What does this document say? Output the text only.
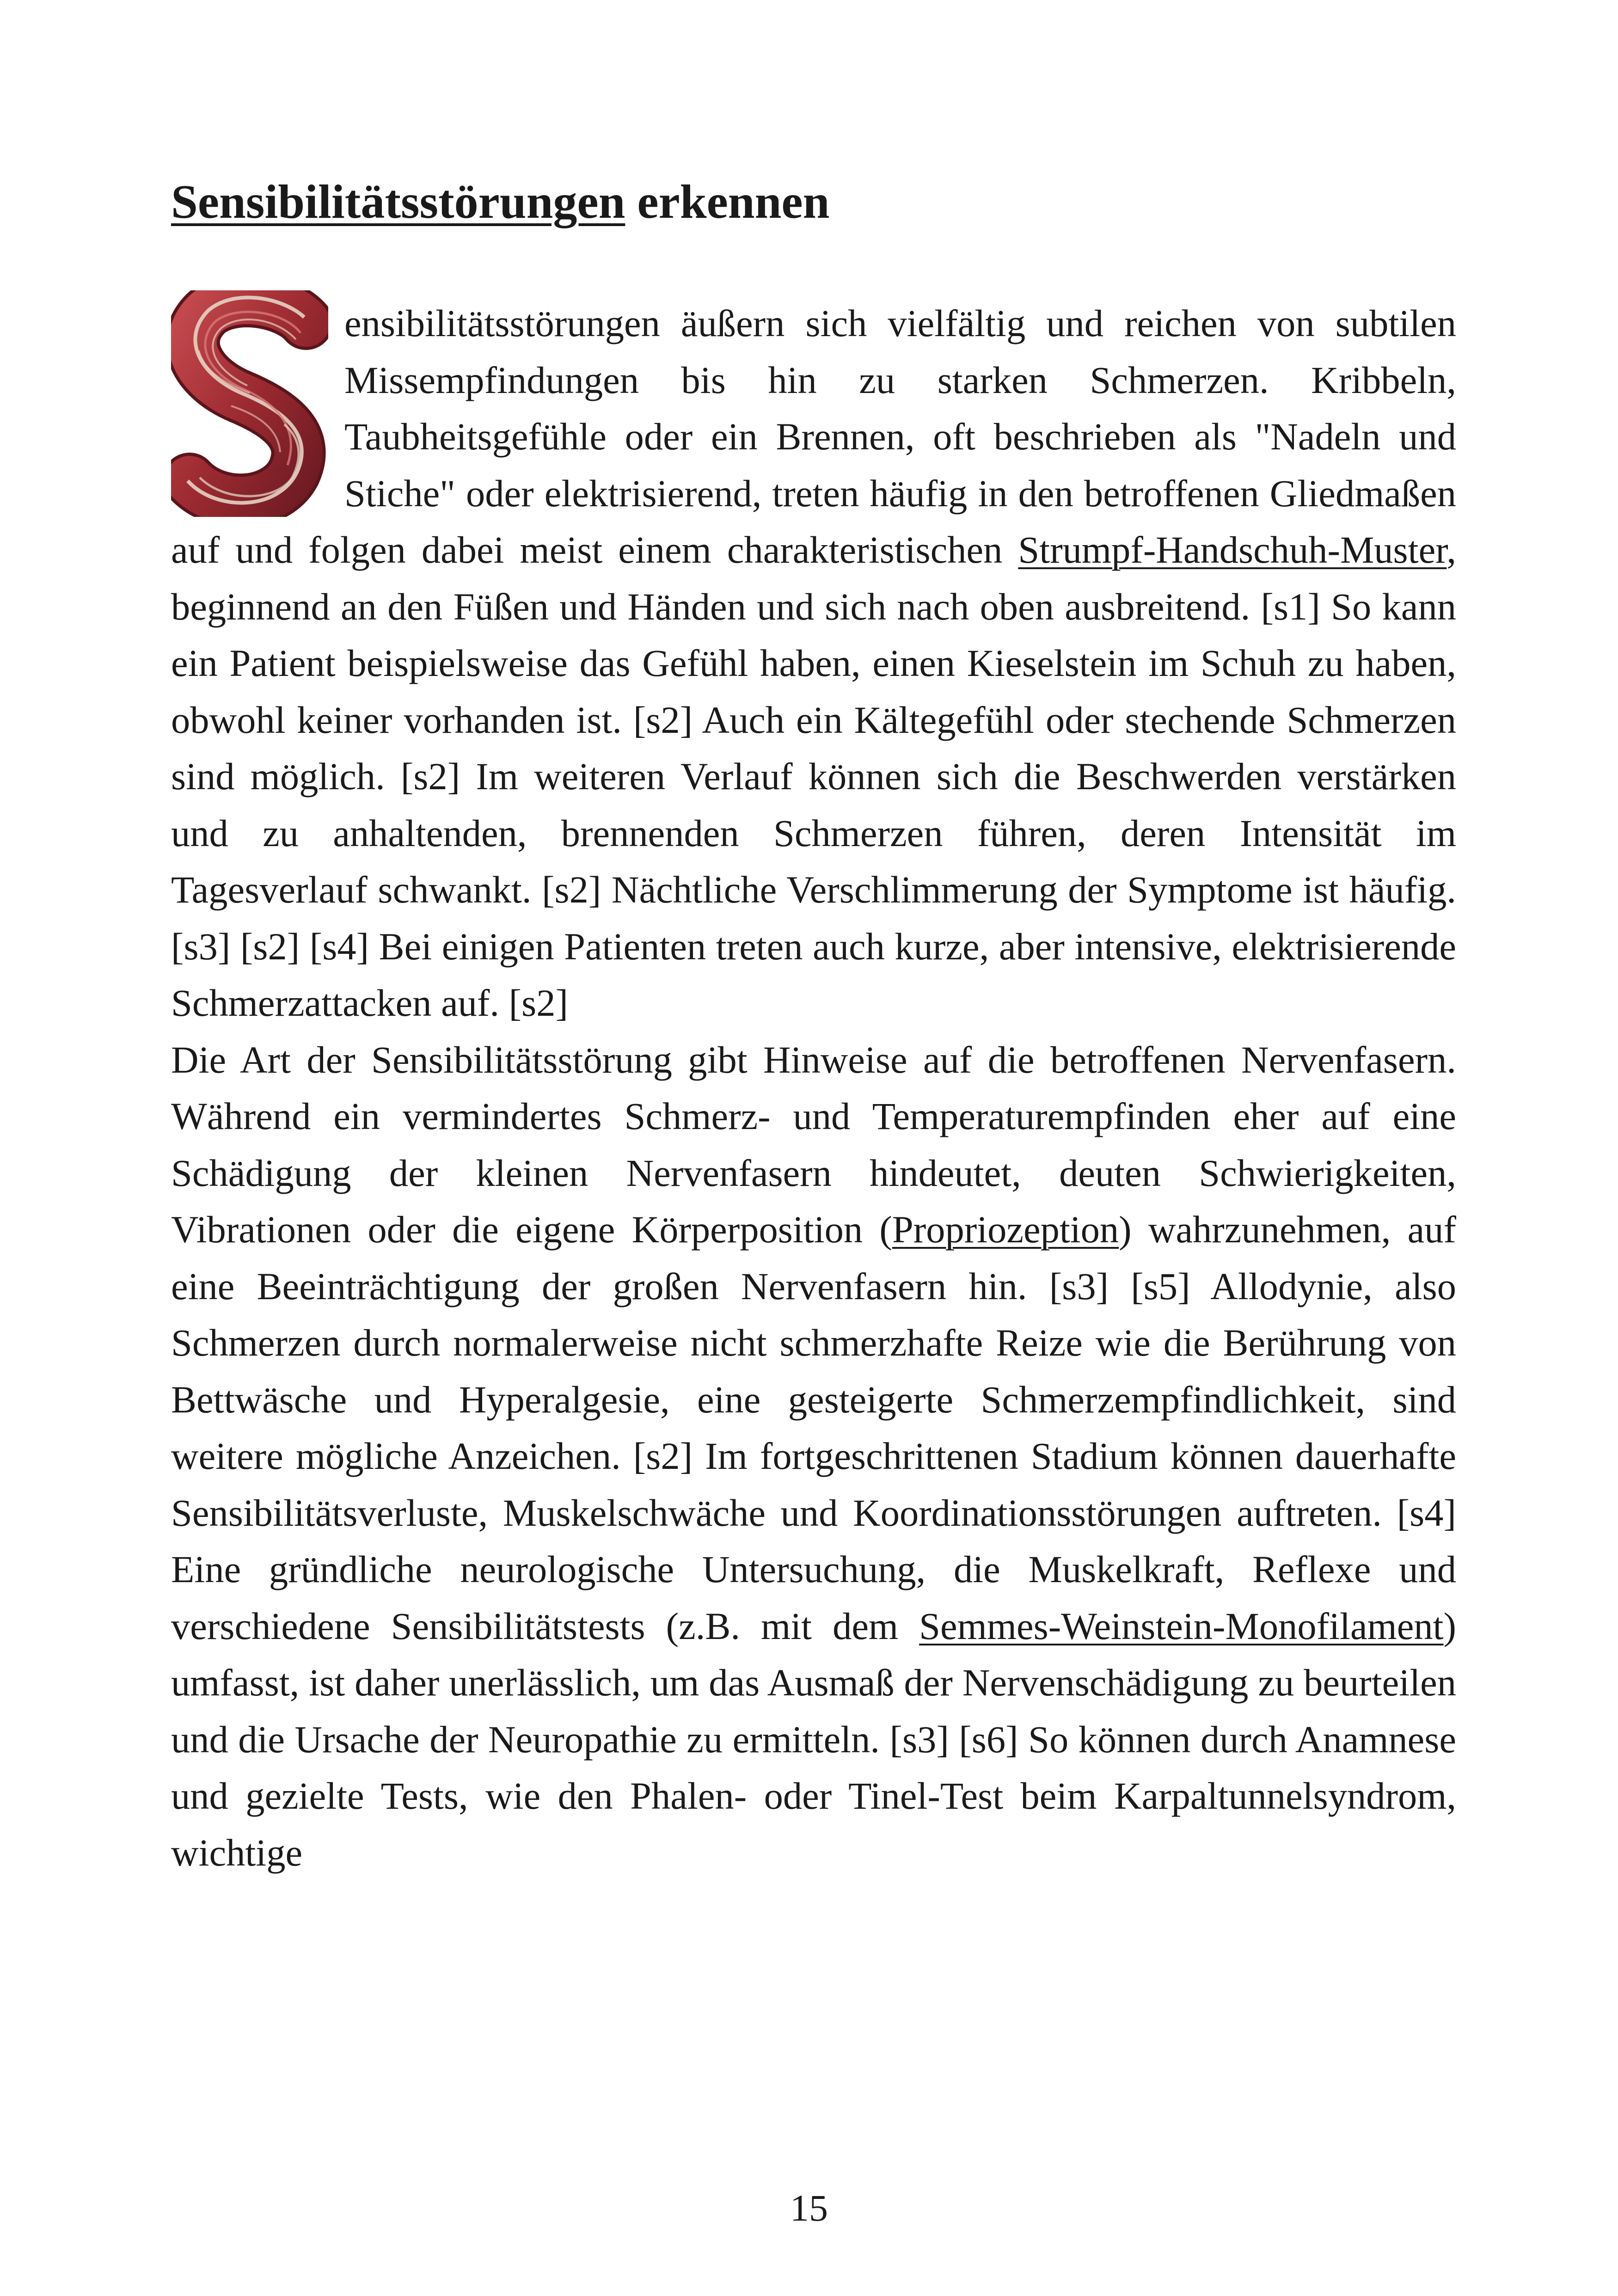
Sensibilitätsstörungen erkennen

ensibilitätsstörungen äußern sich vielfältig und reichen von subtilen Missempfindungen bis hin zu starken Schmerzen. Kribbeln, Taubheitsgefühle oder ein Brennen, oft beschrieben als "Nadeln und Stiche" oder elektrisierend, treten häufig in den betroffenen Gliedmaßen auf und folgen dabei meist einem charakteristischen Strumpf-Handschuh-Muster, beginnend an den Füßen und Händen und sich nach oben ausbreitend. [s1] So kann ein Patient beispielsweise das Gefühl haben, einen Kieselstein im Schuh zu haben, obwohl keiner vorhanden ist. [s2] Auch ein Kältegefühl oder stechende Schmerzen sind möglich. [s2] Im weiteren Verlauf können sich die Beschwerden verstärken und zu anhaltenden, brennenden Schmerzen führen, deren Intensität im Tagesverlauf schwankt. [s2] Nächtliche Verschlimmerung der Symptome ist häufig. [s3] [s2] [s4] Bei einigen Patienten treten auch kurze, aber intensive, elektrisierende Schmerzattacken auf. [s2]

Die Art der Sensibilitätsstörung gibt Hinweise auf die betroffenen Nervenfasern. Während ein vermindertes Schmerz- und Temperaturempfinden eher auf eine Schädigung der kleinen Nervenfasern hindeutet, deuten Schwierigkeiten, Vibrationen oder die eigene Körperposition (Propriozeption) wahrzunehmen, auf eine Beeinträchtigung der großen Nervenfasern hin. [s3] [s5] Allodynie, also Schmerzen durch normalerweise nicht schmerzhafte Reize wie die Berührung von Bettwäsche und Hyperalgesie, eine gesteigerte Schmerzempfindlichkeit, sind weitere mögliche Anzeichen. [s2] Im fortgeschrittenen Stadium können dauerhafte Sensibilitätsverluste, Muskelschwäche und Koordinationsstörungen auftreten. [s4] Eine gründliche neurologische Untersuchung, die Muskelkraft, Reflexe und verschiedene Sensibilitätstests (z.B. mit dem Semmes-Weinstein-Monofilament) umfasst, ist daher unerlässlich, um das Ausmaß der Nervenschädigung zu beurteilen und die Ursache der Neuropathie zu ermitteln. [s3] [s6] So können durch Anamnese und gezielte Tests, wie den Phalen- oder Tinel-Test beim Karpaltunnelsyndrom, wichtige

15
